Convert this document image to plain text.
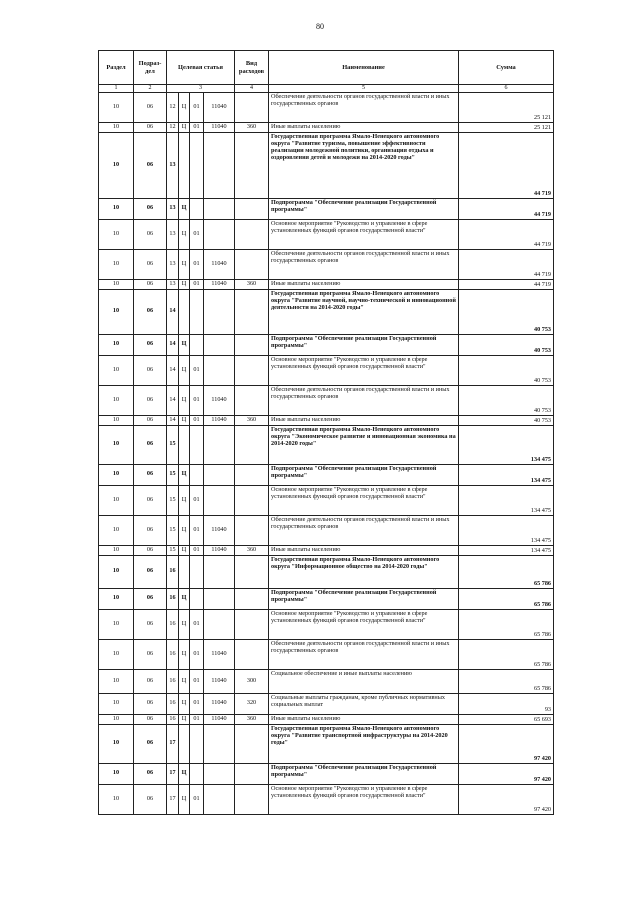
80
Раздел	Подраз-
дел	Целевая статья				Вид
расходов	Наименование	Сумма
1	2	3				4	5	6
10	06	12	Ц	01	11040		Обеспечение деятельности органов государственной власти и иных государственных органов	25 121
10	06	12	Ц	01	11040	360	Иные выплаты населению	25 121
10	06	13					Государственная программа Ямало-Ненецкого автономного округа "Развитие туризма, повышение эффективности реализации молодежной политики, организация отдыха и оздоровления детей и молодежи на 2014-2020 годы"	44 719
10	06	13	Ц				Подпрограмма "Обеспечение реализации Государственной программы"	44 719
10	06	13	Ц	01			Основное мероприятие "Руководство и управление в сфере установленных функций органов государственной власти"	44 719
10	06	13	Ц	01	11040		Обеспечение деятельности органов государственной власти и иных государственных органов	44 719
10	06	13	Ц	01	11040	360	Иные выплаты населению	44 719
10	06	14					Государственная программа Ямало-Ненецкого автономного округа "Развитие научной, научно-технической и инновационной деятельности на 2014-2020 годы"	40 753
10	06	14	Ц				Подпрограмма "Обеспечение реализации Государственной программы"	40 753
10	06	14	Ц	01			Основное мероприятие "Руководство и управление в сфере установленных функций органов государственной власти"	40 753
10	06	14	Ц	01	11040		Обеспечение деятельности органов государственной власти и иных государственных органов	40 753
10	06	14	Ц	01	11040	360	Иные выплаты населению	40 753
10	06	15					Государственная программа Ямало-Ненецкого автономного округа "Экономическое развитие и инновационная экономика на 2014-2020 годы"	134 475
10	06	15	Ц				Подпрограмма "Обеспечение реализации Государственной программы"	134 475
10	06	15	Ц	01			Основное мероприятие "Руководство и управление в сфере установленных функций органов государственной власти"	134 475
10	06	15	Ц	01	11040		Обеспечение деятельности органов государственной власти и иных государственных органов	134 475
10	06	15	Ц	01	11040	360	Иные выплаты населению	134 475
10	06	16					Государственная программа Ямало-Ненецкого автономного округа "Информационное общество на 2014-2020 годы"	65 786
10	06	16	Ц				Подпрограмма "Обеспечение реализации Государственной программы"	65 786
10	06	16	Ц	01			Основное мероприятие "Руководство и управление в сфере установленных функций органов государственной власти"	65 786
10	06	16	Ц	01	11040		Обеспечение деятельности органов государственной власти и иных государственных органов	65 786
10	06	16	Ц	01	11040	300	Социальное обеспечение и иные выплаты населению	65 786
10	06	16	Ц	01	11040	320	Социальные выплаты гражданам, кроме публичных нормативных социальных выплат	93
10	06	16	Ц	01	11040	360	Иные выплаты населению	65 693
10	06	17					Государственная программа Ямало-Ненецкого автономного округа "Развитие транспортной инфраструктуры на 2014-2020 годы"	97 420
10	06	17	Ц				Подпрограмма "Обеспечение реализации Государственной программы"	97 420
10	06	17	Ц	01			Основное мероприятие "Руководство и управление в сфере установленных функций органов государственной власти"	97 420
